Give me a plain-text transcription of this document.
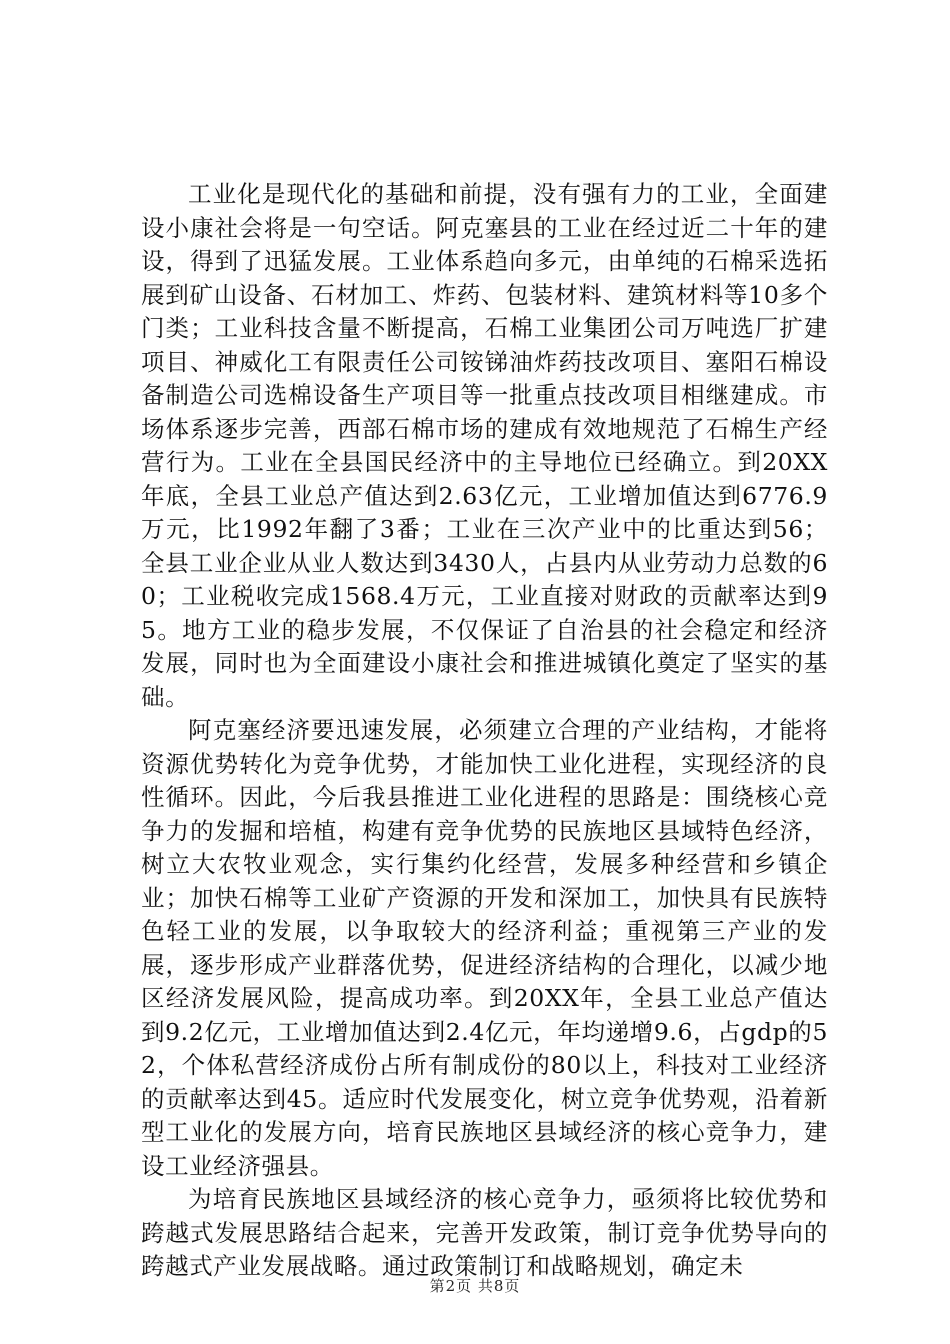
工业化是现代化的基础和前提，没有强有力的工业，全面建设小康社会将是一句空话。阿克塞县的工业在经过近二十年的建设，得到了迅猛发展。工业体系趋向多元，由单纯的石棉采选拓展到矿山设备、石材加工、炸药、包装材料、建筑材料等10多个门类；工业科技含量不断提高，石棉工业集团公司万吨选厂扩建项目、神威化工有限责任公司铵锑油炸药技改项目、塞阳石棉设备制造公司选棉设备生产项目等一批重点技改项目相继建成。市场体系逐步完善，西部石棉市场的建成有效地规范了石棉生产经营行为。工业在全县国民经济中的主导地位已经确立。到20XX年底，全县工业总产值达到2.63亿元，工业增加值达到6776.9万元，比1992年翻了3番；工业在三次产业中的比重达到56；全县工业企业从业人数达到3430人，占县内从业劳动力总数的60；工业税收完成1568.4万元，工业直接对财政的贡献率达到95。地方工业的稳步发展，不仅保证了自治县的社会稳定和经济发展，同时也为全面建设小康社会和推进城镇化奠定了坚实的基础。

阿克塞经济要迅速发展，必须建立合理的产业结构，才能将资源优势转化为竞争优势，才能加快工业化进程，实现经济的良性循环。因此，今后我县推进工业化进程的思路是：围绕核心竞争力的发掘和培植，构建有竞争优势的民族地区县域特色经济，树立大农牧业观念，实行集约化经营，发展多种经营和乡镇企业；加快石棉等工业矿产资源的开发和深加工，加快具有民族特色轻工业的发展，以争取较大的经济利益；重视第三产业的发展，逐步形成产业群落优势，促进经济结构的合理化，以减少地区经济发展风险，提高成功率。到20XX年，全县工业总产值达到9.2亿元，工业增加值达到2.4亿元，年均递增9.6，占gdp的52，个体私营经济成份占所有制成份的80以上，科技对工业经济的贡献率达到45。适应时代发展变化，树立竞争优势观，沿着新型工业化的发展方向，培育民族地区县域经济的核心竞争力，建设工业经济强县。

为培育民族地区县域经济的核心竞争力，亟须将比较优势和跨越式发展思路结合起来，完善开发政策，制订竞争优势导向的跨越式产业发展战略。通过政策制订和战略规划，确定未

第2页 共8页
